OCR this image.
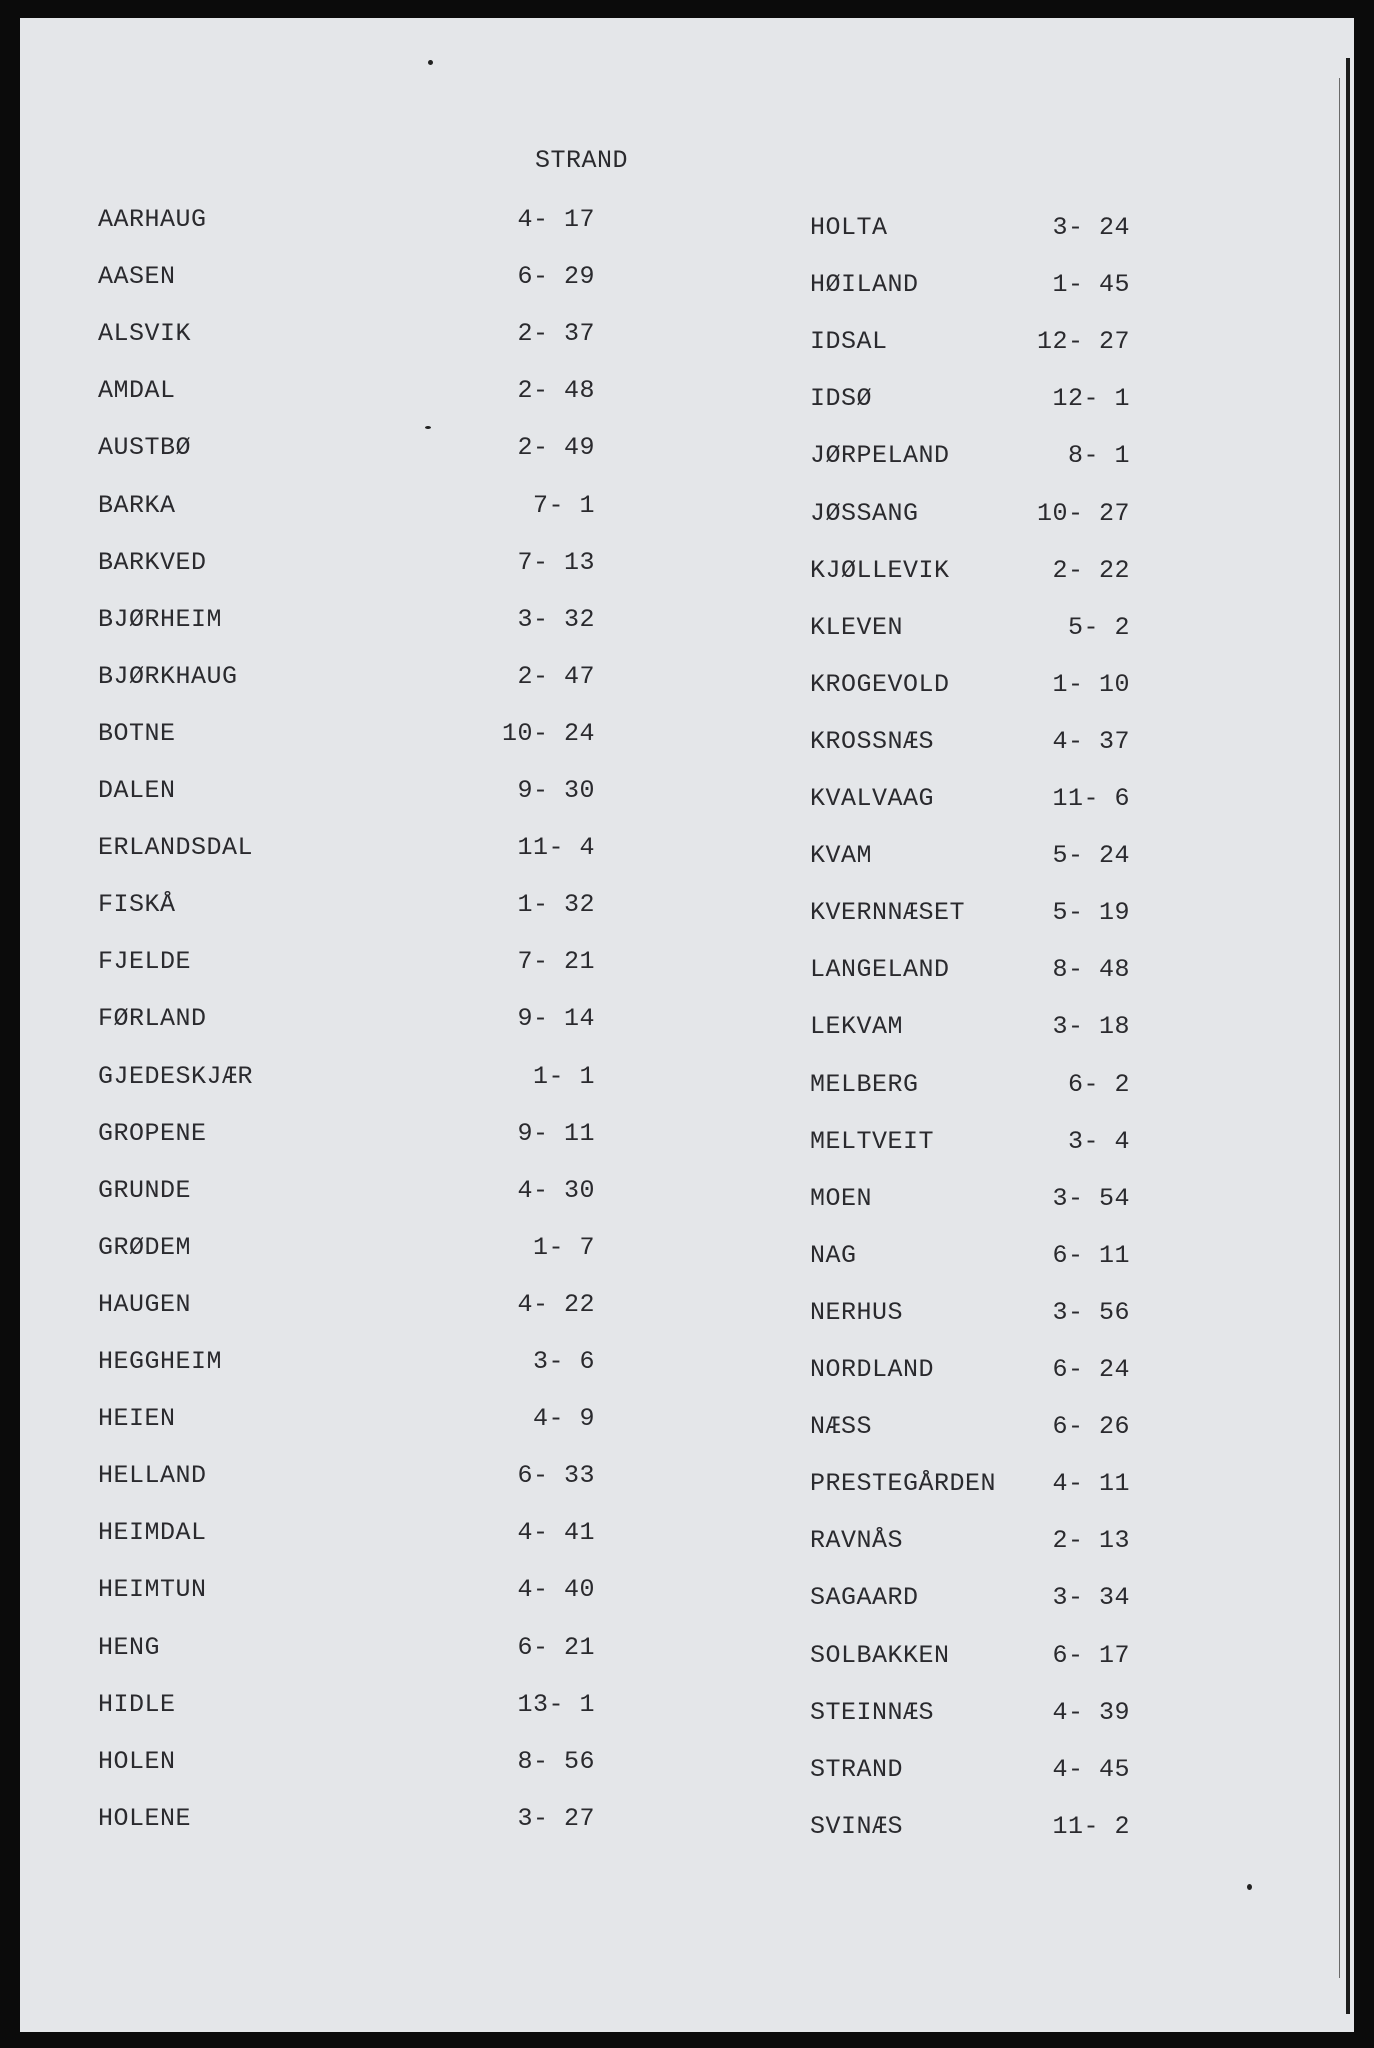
STRAND
AARHAUG	4- 17
AASEN	6- 29
ALSVIK	2- 37
AMDAL	2- 48
AUSTBØ	2- 49
BARKA	7- 1
BARKVED	7- 13
BJØRHEIM	3- 32
BJØRKHAUG	2- 47
BOTNE	10- 24
DALEN	9- 30
ERLANDSDAL	11- 4
FISKÅ	1- 32
FJELDE	7- 21
FØRLAND	9- 14
GJEDESKJÆR	1- 1
GROPENE	9- 11
GRUNDE	4- 30
GRØDEM	1- 7
HAUGEN	4- 22
HEGGHEIM	3- 6
HEIEN	4- 9
HELLAND	6- 33
HEIMDAL	4- 41
HEIMTUN	4- 40
HENG	6- 21
HIDLE	13- 1
HOLEN	8- 56
HOLENE	3- 27
HOLTA	3- 24
HØILAND	1- 45
IDSAL	12- 27
IDSØ	12- 1
JØRPELAND	8- 1
JØSSANG	10- 27
KJØLLEVIK	2- 22
KLEVEN	5- 2
KROGEVOLD	1- 10
KROSSNÆS	4- 37
KVALVAAG	11- 6
KVAM	5- 24
KVERNNÆSET	5- 19
LANGELAND	8- 48
LEKVAM	3- 18
MELBERG	6- 2
MELTVEIT	3- 4
MOEN	3- 54
NAG	6- 11
NERHUS	3- 56
NORDLAND	6- 24
NÆSS	6- 26
PRESTEGÅRDEN	4- 11
RAVNÅS	2- 13
SAGAARD	3- 34
SOLBAKKEN	6- 17
STEINNÆS	4- 39
STRAND	4- 45
SVINÆS	11- 2
